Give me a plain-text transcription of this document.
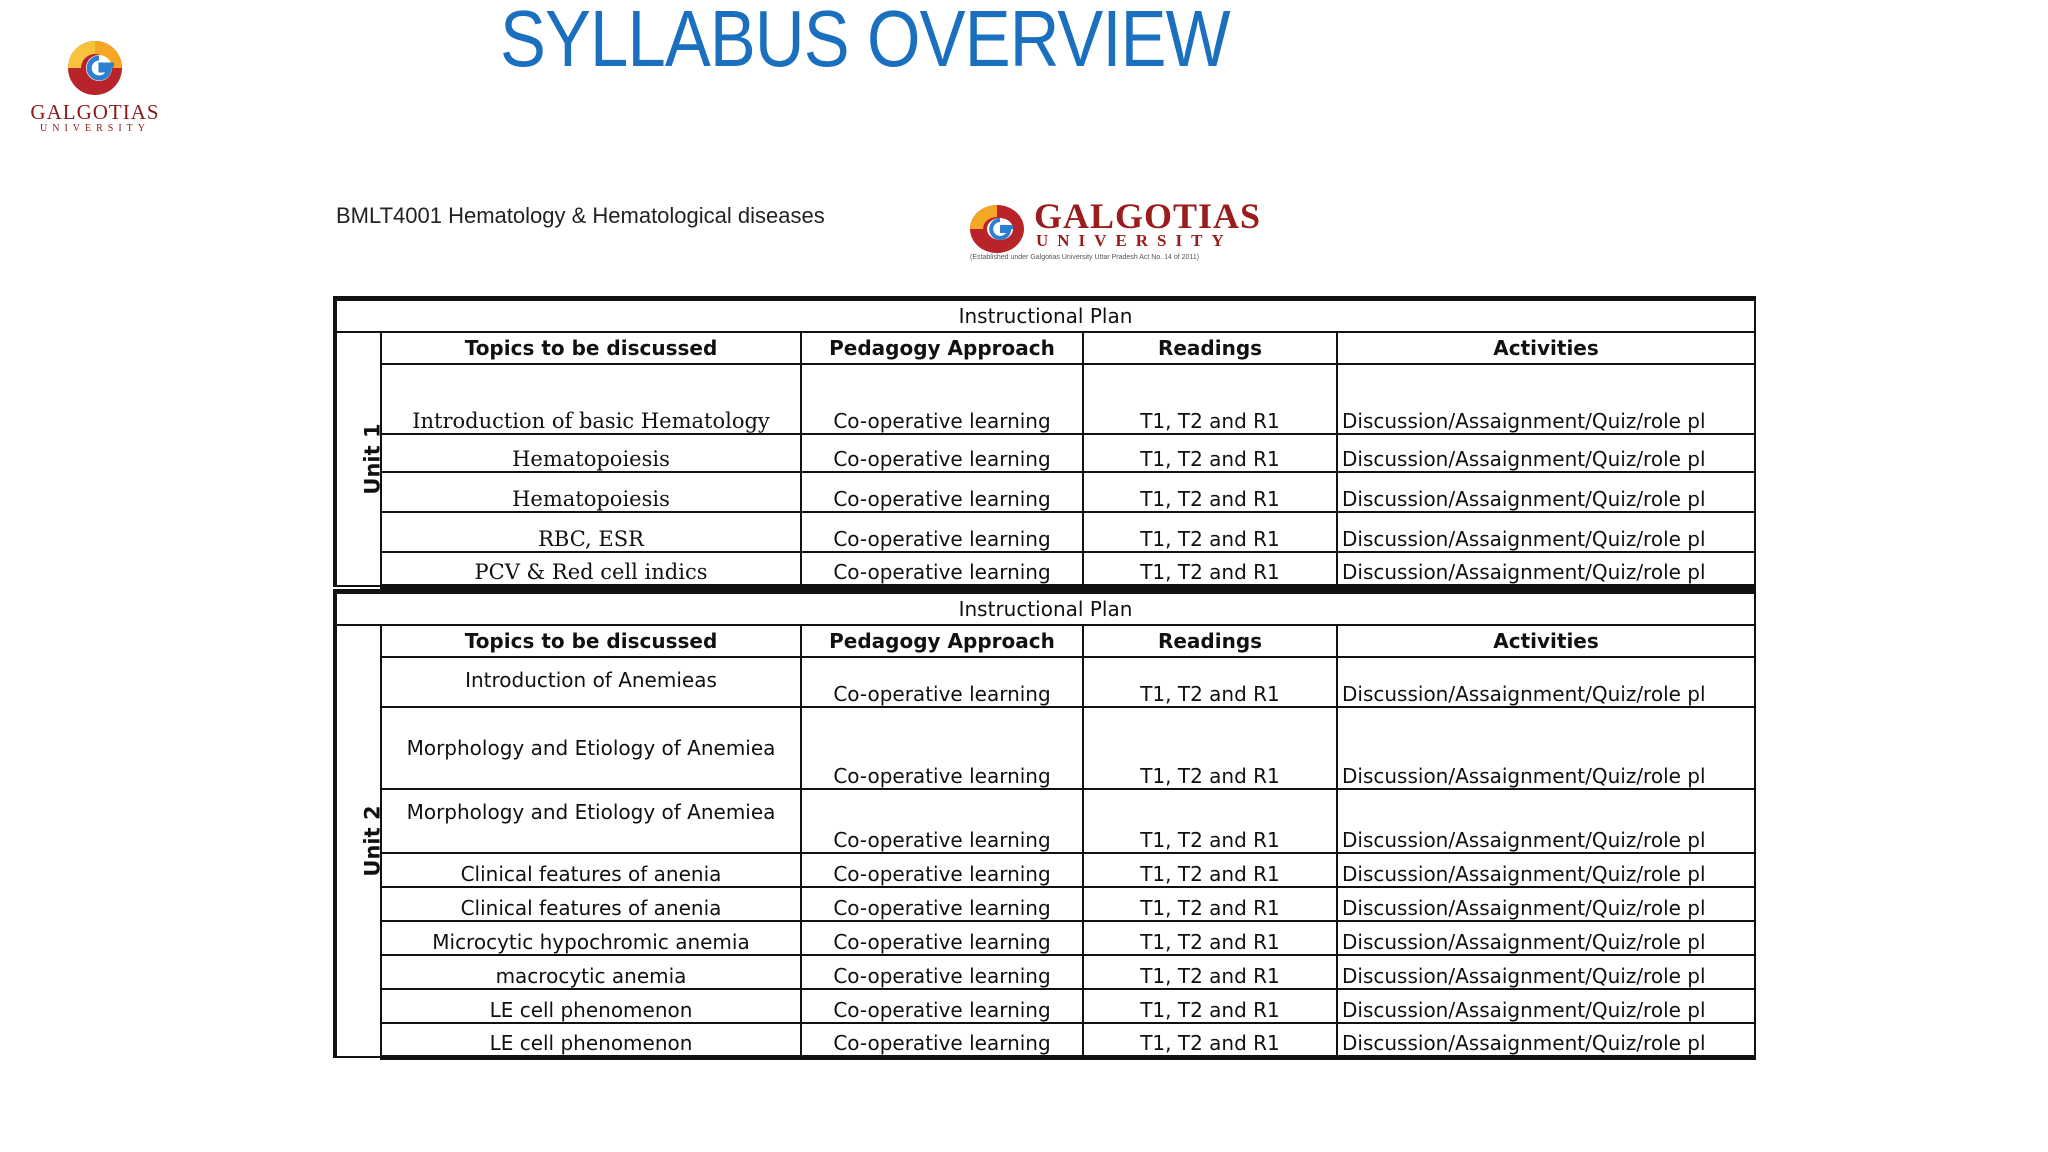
GALGOTIAS
UNIVERSITY
SYLLABUS OVERVIEW
BMLT4001 Hematology & Hematological diseases	GALGOTIAS
UNIVERSITY
(Established under Galgotias University Uttar Pradesh Act No. 14 of 2011)
Instructional Plan				
Unit 1	Topics to be discussed	Pedagogy Approach	Readings	Activities
	Introduction of basic Hematology	Co-operative learning	T1, T2 and R1	Discussion/Assaignment/Quiz/role pl
	Hematopoiesis	Co-operative learning	T1, T2 and R1	Discussion/Assaignment/Quiz/role pl
	Hematopoiesis	Co-operative learning	T1, T2 and R1	Discussion/Assaignment/Quiz/role pl
	RBC, ESR	Co-operative learning	T1, T2 and R1	Discussion/Assaignment/Quiz/role pl
	PCV & Red cell indics	Co-operative learning	T1, T2 and R1	Discussion/Assaignment/Quiz/role pl
Instructional Plan				
Unit 2	Topics to be discussed	Pedagogy Approach	Readings	Activities
	Introduction of Anemieas	Co-operative learning	T1, T2 and R1	Discussion/Assaignment/Quiz/role pl
	Morphology and Etiology of Anemiea	Co-operative learning	T1, T2 and R1	Discussion/Assaignment/Quiz/role pl
	Morphology and Etiology of Anemiea	Co-operative learning	T1, T2 and R1	Discussion/Assaignment/Quiz/role pl
	Clinical features of anenia	Co-operative learning	T1, T2 and R1	Discussion/Assaignment/Quiz/role pl
	Clinical features of anenia	Co-operative learning	T1, T2 and R1	Discussion/Assaignment/Quiz/role pl
	Microcytic hypochromic anemia	Co-operative learning	T1, T2 and R1	Discussion/Assaignment/Quiz/role pl
	macrocytic anemia	Co-operative learning	T1, T2 and R1	Discussion/Assaignment/Quiz/role pl
	LE cell phenomenon	Co-operative learning	T1, T2 and R1	Discussion/Assaignment/Quiz/role pl
	LE cell phenomenon	Co-operative learning	T1, T2 and R1	Discussion/Assaignment/Quiz/role pl
